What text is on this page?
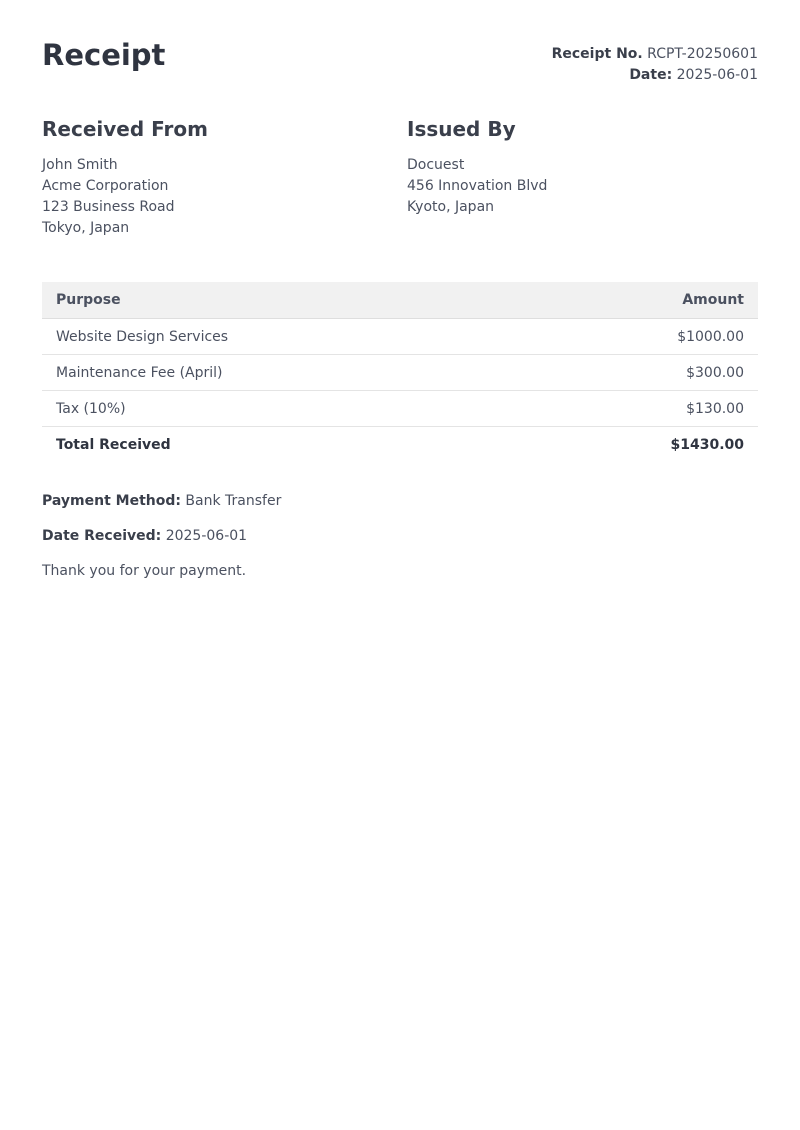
Receipt	Receipt No. RCPT-20250601
Date: 2025-06-01
Received From
John Smith
Acme Corporation
123 Business Road
Tokyo, Japan
Issued By
Docuest
456 Innovation Blvd
Kyoto, Japan
Purpose	Amount
Website Design Services	$1000.00
Maintenance Fee (April)	$300.00
Tax (10%)	$130.00
Total Received	$1430.00

Payment Method: Bank Transfer

Date Received: 2025-06-01

Thank you for your payment.
